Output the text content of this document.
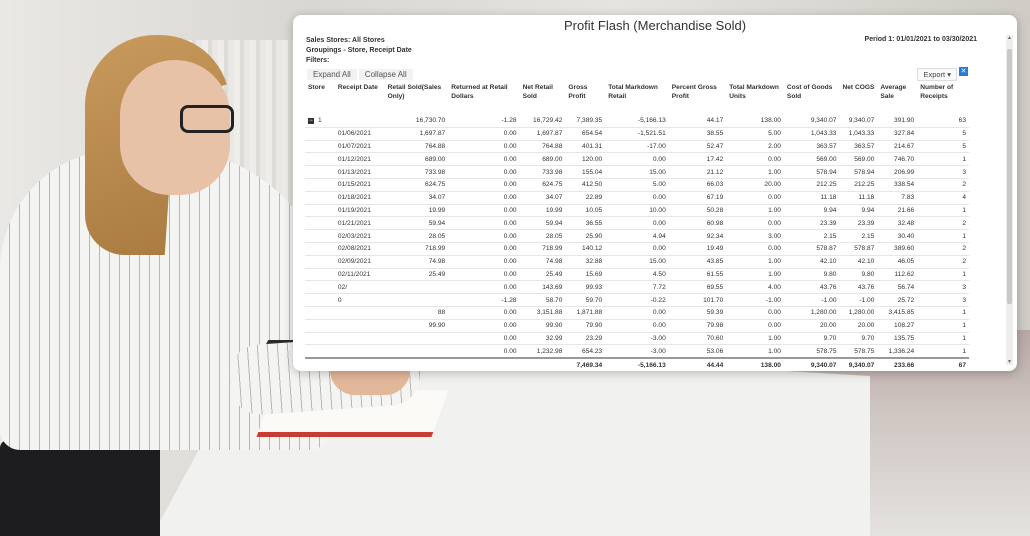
Profit Flash (Merchandise Sold)
Sales Stores: All Stores
Groupings - Store, Receipt Date
Filters:
Period 1: 01/01/2021 to 03/30/2021
Expand All	Collapse All	Export ▾	✕
▲
▼
Store	Receipt Date	Retail Sold(Sales Only)	Returned at Retail Dollars	Net Retail Sold	Gross Profit	Total Markdown Retail	Percent Gross Profit	Total Markdown Units	Cost of Goods Sold	Net COGS	Average Sale	Number of Receipts
− 1		16,730.70	-1.28	16,729.42	7,389.35	-5,166.13	44.17	138.00	9,340.07	9,340.07	391.90	63
	01/06/2021	1,697.87	0.00	1,697.87	654.54	-1,521.51	38.55	5.00	1,043.33	1,043.33	327.84	5
	01/07/2021	764.88	0.00	764.88	401.31	-17.00	52.47	2.00	363.57	363.57	214.67	5
	01/12/2021	689.00	0.00	689.00	120.00	0.00	17.42	0.00	569.00	569.00	746.70	1
	01/13/2021	733.98	0.00	733.98	155.04	15.00	21.12	1.00	578.94	578.94	206.99	3
	01/15/2021	624.75	0.00	624.75	412.50	5.00	66.03	20.00	212.25	212.25	338.54	2
	01/18/2021	34.07	0.00	34.07	22.89	0.00	67.19	0.00	11.18	11.18	7.83	4
	01/19/2021	19.99	0.00	19.99	10.05	10.00	50.28	1.00	9.94	9.94	21.66	1
	01/21/2021	59.94	0.00	59.94	36.55	0.00	60.98	0.00	23.39	23.39	32.48	2
	02/03/2021	28.05	0.00	28.05	25.90	4.94	92.34	3.00	2.15	2.15	30.40	1
	02/08/2021	718.99	0.00	718.99	140.12	0.00	19.49	0.00	578.87	578.87	389.60	2
	02/09/2021	74.98	0.00	74.98	32.88	15.00	43.85	1.00	42.10	42.10	46.05	2
	02/11/2021	25.49	0.00	25.49	15.69	4.50	61.55	1.00	9.80	9.80	112.62	1
	02/		0.00	143.69	99.93	7.72	69.55	4.00	43.76	43.76	56.74	3
	0		-1.28	58.70	59.70	-0.22	101.70	-1.00	-1.00	-1.00	25.72	3
		88	0.00	3,151.88	1,871.88	0.00	59.39	0.00	1,280.00	1,280.00	3,415.85	1
		99.90	0.00	99.90	79.90	0.00	79.98	0.00	20.00	20.00	108.27	1
			0.00	32.99	23.29	-3.00	70.60	1.00	9.70	9.70	135.75	1
			0.00	1,232.98	654.23	-3.00	53.06	1.00	578.75	578.75	1,336.24	1
					7,469.34	-5,166.13	44.44	138.00	9,340.07	9,340.07	233.66	67
